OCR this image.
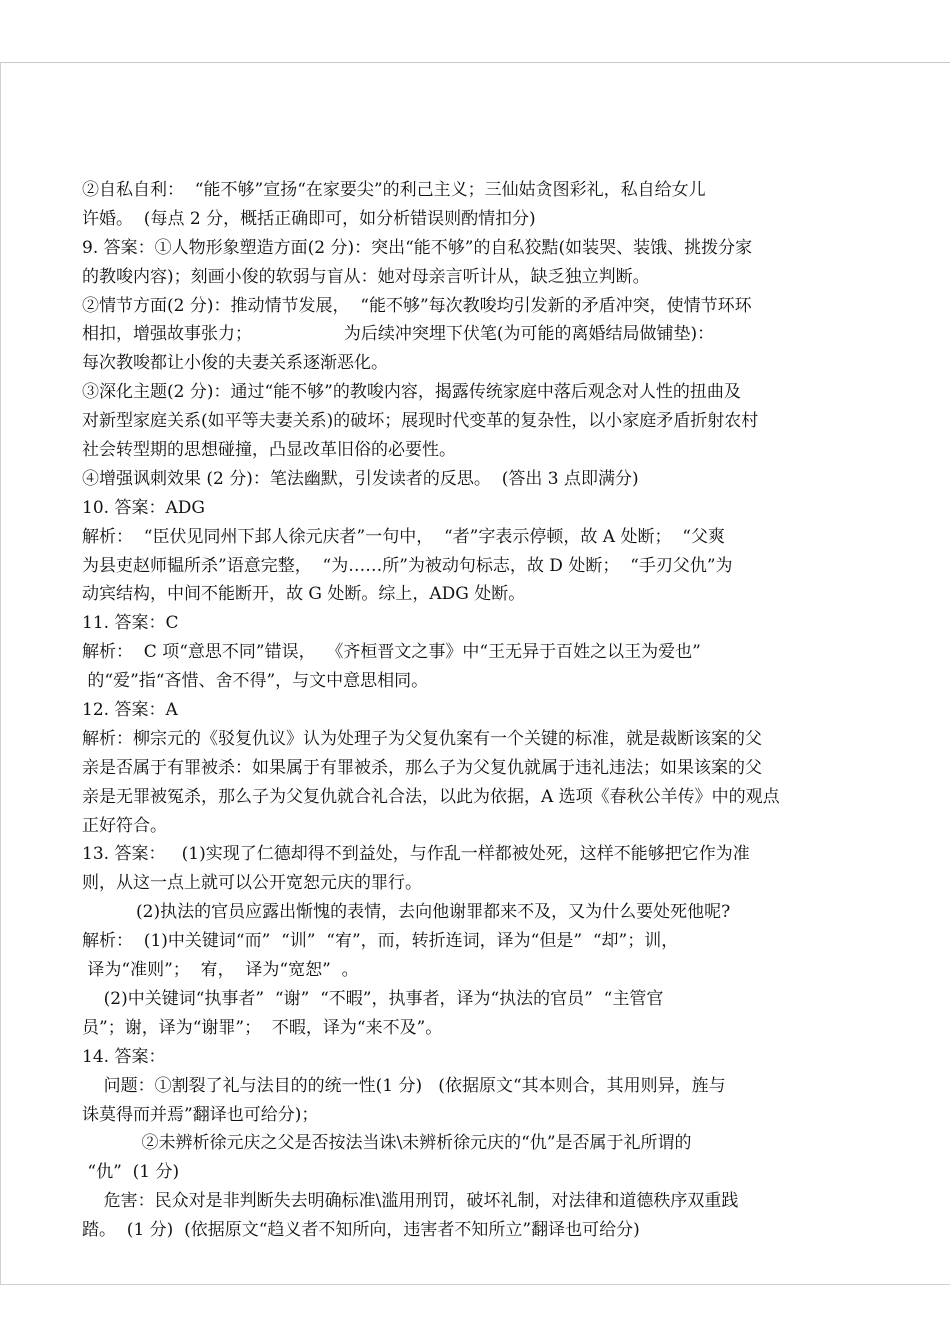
②自私自利：  “能不够”宣扬“在家要尖”的利己主义；三仙姑贪图彩礼，私自给女儿
许婚。  (每点 2 分，概括正确即可，如分析错误则酌情扣分)
9. 答案：①人物形象塑造方面(2 分)：突出“能不够”的自私狡黠(如装哭、装饿、挑拨分家
的教唆内容)；刻画小俊的软弱与盲从：她对母亲言听计从，缺乏独立判断。
②情节方面(2 分)：推动情节发展，  “能不够”每次教唆均引发新的矛盾冲突，使情节环环
相扣，增强故事张力；                 为后续冲突埋下伏笔(为可能的离婚结局做铺垫)：
每次教唆都让小俊的夫妻关系逐渐恶化。
③深化主题(2 分)：通过“能不够”的教唆内容，揭露传统家庭中落后观念对人性的扭曲及
对新型家庭关系(如平等夫妻关系)的破坏；展现时代变革的复杂性，以小家庭矛盾折射农村
社会转型期的思想碰撞，凸显改革旧俗的必要性。
④增强讽刺效果 (2 分)：笔法幽默，引发读者的反思。  (答出 3 点即满分)
10. 答案：ADG
解析：  “臣伏见同州下邽人徐元庆者”一句中，  “者”字表示停顿，故 A 处断；  “父爽
为县吏赵师韫所杀”语意完整，  “为……所”为被动句标志，故 D 处断；  “手刃父仇”为
动宾结构，中间不能断开，故 G 处断。综上，ADG 处断。
11. 答案：C
解析：  C 项“意思不同”错误，  《齐桓晋文之事》中“王无异于百姓之以王为爱也”
的“爱”指“吝惜、舍不得”，与文中意思相同。
12. 答案：A
解析：柳宗元的《驳复仇议》认为处理子为父复仇案有一个关键的标准，就是裁断该案的父
亲是否属于有罪被杀：如果属于有罪被杀，那么子为父复仇就属于违礼违法；如果该案的父
亲是无罪被冤杀，那么子为父复仇就合礼合法，以此为依据，A 选项《春秋公羊传》中的观点
正好符合。
13. 答案：   (1)实现了仁德却得不到益处，与作乱一样都被处死，这样不能够把它作为准
则，从这一点上就可以公开宽恕元庆的罪行。
(2)执法的官员应露出惭愧的表情，去向他谢罪都来不及，又为什么要处死他呢?
解析：  (1)中关键词“而”  “训”  “宥”，而，转折连词，译为“但是”  “却”；训，
译为“准则”；  宥，  译为“宽恕”  。
(2)中关键词“执事者”  “谢”  “不暇”，执事者，译为“执法的官员”  “主管官
员”；谢，译为“谢罪”；  不暇，译为“来不及”。
14. 答案：
问题：①割裂了礼与法目的的统一性(1 分)   (依据原文“其本则合，其用则异，旌与
诛莫得而并焉”翻译也可给分)；
②未辨析徐元庆之父是否按法当诛\未辨析徐元庆的“仇”是否属于礼所谓的
“仇”  (1 分)
危害：民众对是非判断失去明确标准\滥用刑罚，破坏礼制，对法律和道德秩序双重践
踏。  (1 分)  (依据原文“趋义者不知所向，违害者不知所立”翻译也可给分)
